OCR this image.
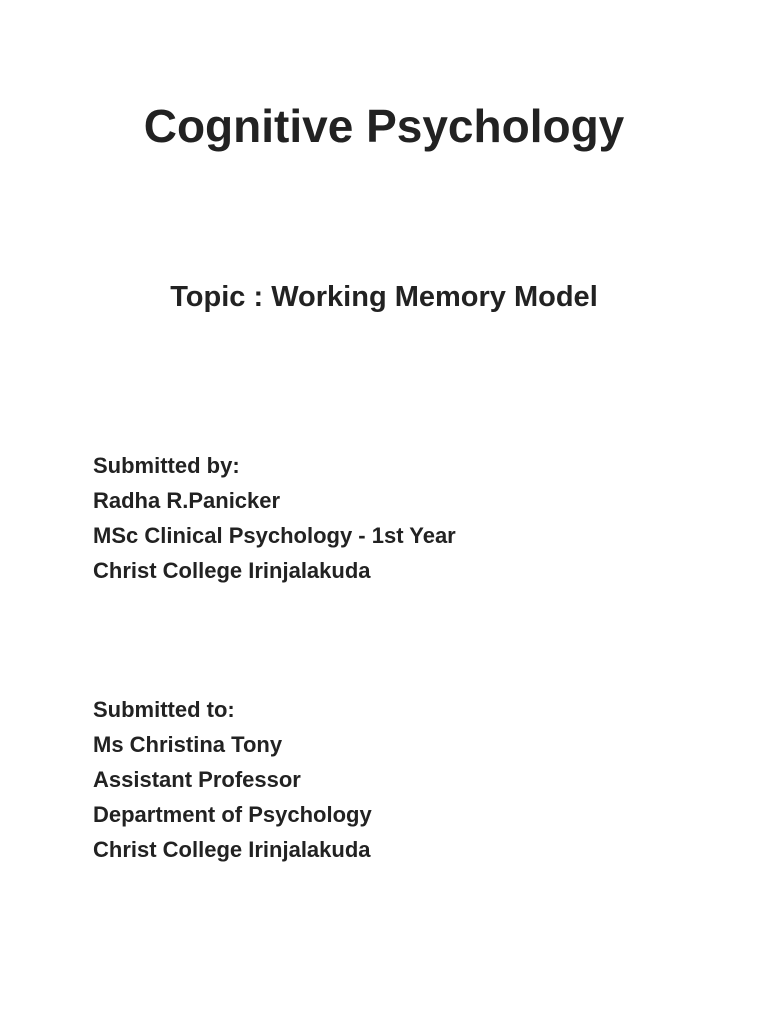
Cognitive Psychology
Topic : Working Memory Model
Submitted by:
Radha R.Panicker
MSc Clinical Psychology - 1st Year
Christ College Irinjalakuda
Submitted to:
Ms Christina Tony
Assistant Professor
Department of Psychology
Christ College Irinjalakuda
